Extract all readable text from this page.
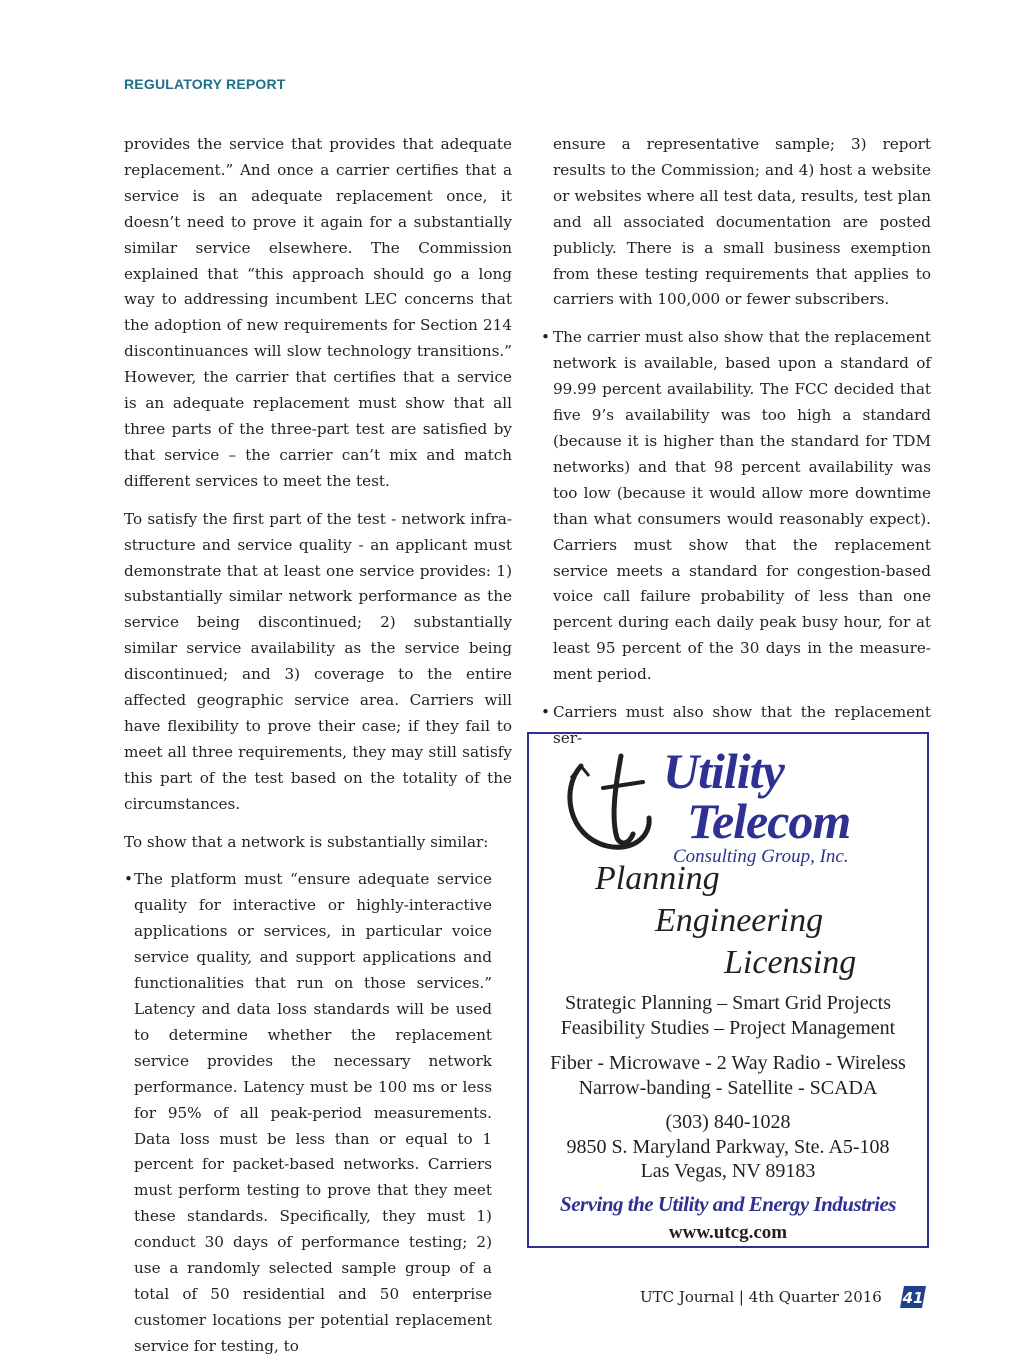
REGULATORY REPORT

provides the service that provides that adequate replacement.” And once a carrier certifies that a service is an adequate replacement once, it doesn’t need to prove it again for a substantially similar service elsewhere. The Commission explained that “this approach should go a long way to addressing incumbent LEC concerns that the adoption of new requirements for Section 214 discontinuances will slow technology transitions.” However, the carrier that certifies that a service is an adequate replacement must show that all three parts of the three-part test are satisfied by that service – the carrier can’t mix and match different services to meet the test.

To satisfy the first part of the test - network infrastructure and service quality - an applicant must demonstrate that at least one service provides: 1) substantially similar network performance as the service being discontinued; 2) substantially similar service availability as the service being discontinued; and 3) coverage to the entire affected geographic service area. Carriers will have flexibility to prove their case; if they fail to meet all three requirements, they may still satisfy this part of the test based on the totality of the circumstances.

To show that a network is substantially similar:

• The platform must “ensure adequate service quality for interactive or highly-interactive applications or services, in particular voice service quality, and support applications and functionalities that run on those services.” Latency and data loss standards will be used to determine whether the replacement service provides the necessary network performance. Latency must be 100 ms or less for 95% of all peak-period measurements. Data loss must be less than or equal to 1 percent for packet-based networks. Carriers must perform testing to prove that they meet these standards. Specifically, they must 1) conduct 30 days of performance testing; 2) use a randomly selected sample group of a total of 50 residential and 50 enterprise customer locations per potential replacement service for testing, to

ensure a representative sample; 3) report results to the Commission; and 4) host a website or websites where all test data, results, test plan and all associated documentation are posted publicly. There is a small business exemption from these testing requirements that applies to carriers with 100,000 or fewer subscribers.

• The carrier must also show that the replacement network is available, based upon a standard of 99.99 percent availability. The FCC decided that five 9’s availability was too high a standard (because it is higher than the standard for TDM networks) and that 98 percent availability was too low (because it would allow more downtime than what consumers would reasonably expect). Carriers must show that the replacement service meets a standard for congestion-based voice call failure probability of less than one percent during each daily peak busy hour, for at least 95 percent of the 30 days in the measurement period.
• Carriers must also show that the replacement ser-
Utility
Telecom
Consulting Group, Inc.
Planning
Engineering
Licensing
Strategic Planning – Smart Grid Projects
Feasibility Studies – Project Management
Fiber - Microwave - 2 Way Radio - Wireless
Narrow-banding - Satellite - SCADA
(303) 840-1028
9850 S. Maryland Parkway, Ste. A5-108
Las Vegas, NV 89183
Serving the Utility and Energy Industries
www.utcg.com
UTC Journal | 4th Quarter 2016 41
